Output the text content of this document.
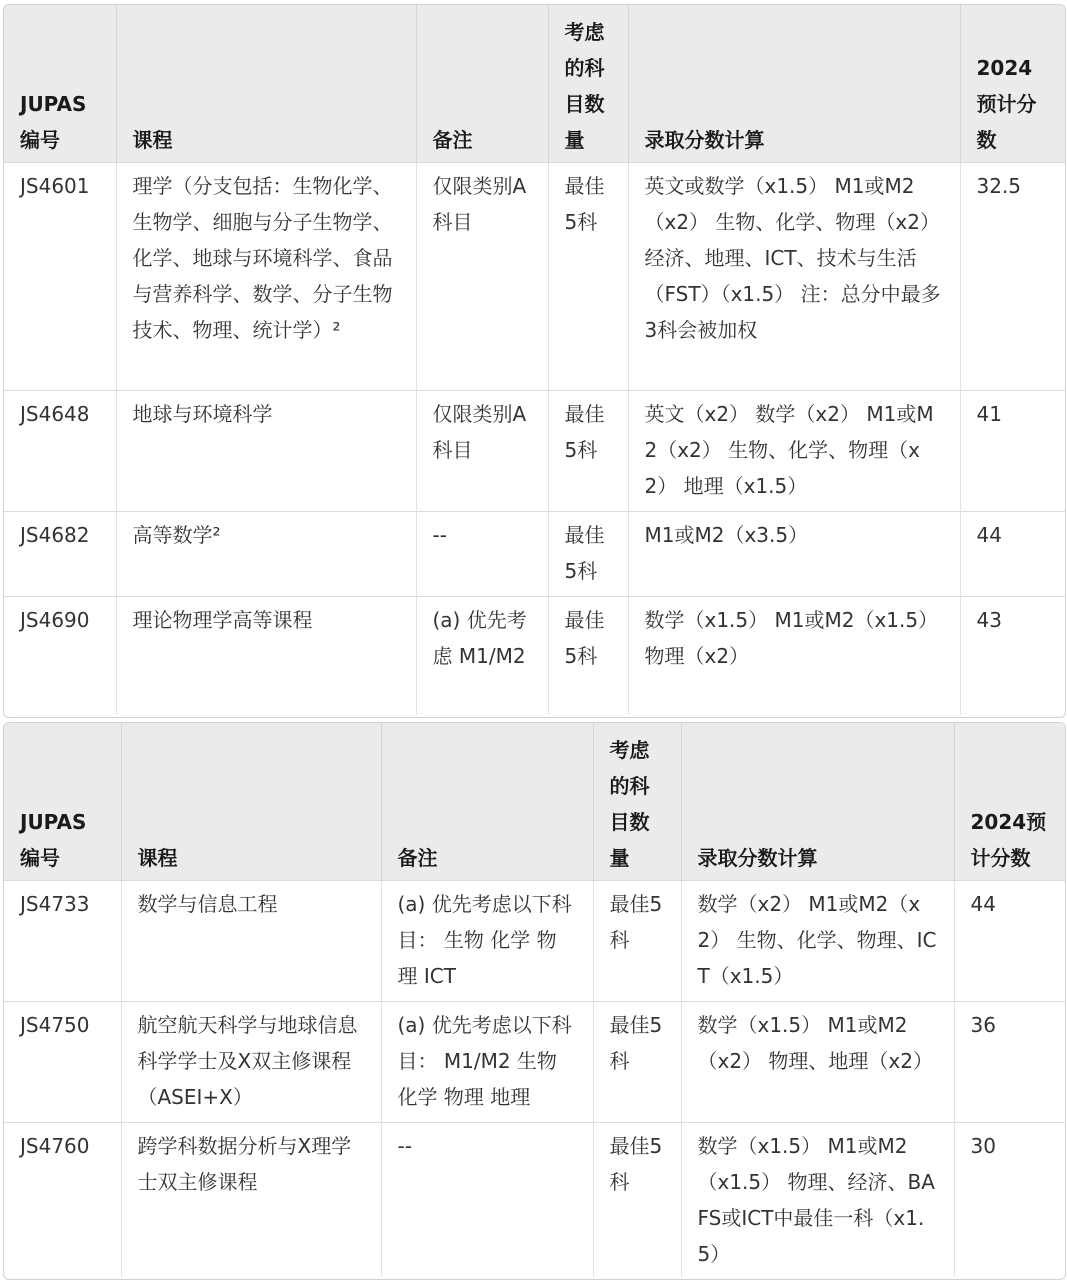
JUPAS编号	课程	备注	考虑的科目数量	录取分数计算	2024预计分数
JS4601	理学（分支包括：生物化学、生物学、细胞与分子生物学、化学、地球与环境科学、食品与营养科学、数学、分子生物技术、物理、统计学）²	仅限类别A科目	最佳5科	英文或数学（x1.5） M1或M2（x2） 生物、化学、物理（x2） 经济、地理、ICT、技术与生活（FST）（x1.5） 注：总分中最多3科会被加权	32.5
JS4648	地球与环境科学	仅限类别A科目	最佳5科	英文（x2） 数学（x2） M1或M2（x2） 生物、化学、物理（x2） 地理（x1.5）	41
JS4682	高等数学²	--	最佳5科	M1或M2（x3.5）	44
JS4690	理论物理学高等课程	(a) 优先考虑 M1/M2	最佳5科	数学（x1.5） M1或M2（x1.5） 物理（x2）	43
JUPAS编号	课程	备注	考虑的科目数量	录取分数计算	2024预计分数
JS4733	数学与信息工程	(a) 优先考虑以下科目： 生物 化学 物理 ICT	最佳5科	数学（x2） M1或M2（x2） 生物、化学、物理、ICT（x1.5）	44
JS4750	航空航天科学与地球信息科学学士及X双主修课程（ASEI+X）	(a) 优先考虑以下科目： M1/M2 生物 化学 物理 地理	最佳5科	数学（x1.5） M1或M2（x2） 物理、地理（x2）	36
JS4760	跨学科数据分析与X理学士双主修课程	--	最佳5科	数学（x1.5） M1或M2（x1.5） 物理、经济、BAFS或ICT中最佳一科（x1.5）	30
